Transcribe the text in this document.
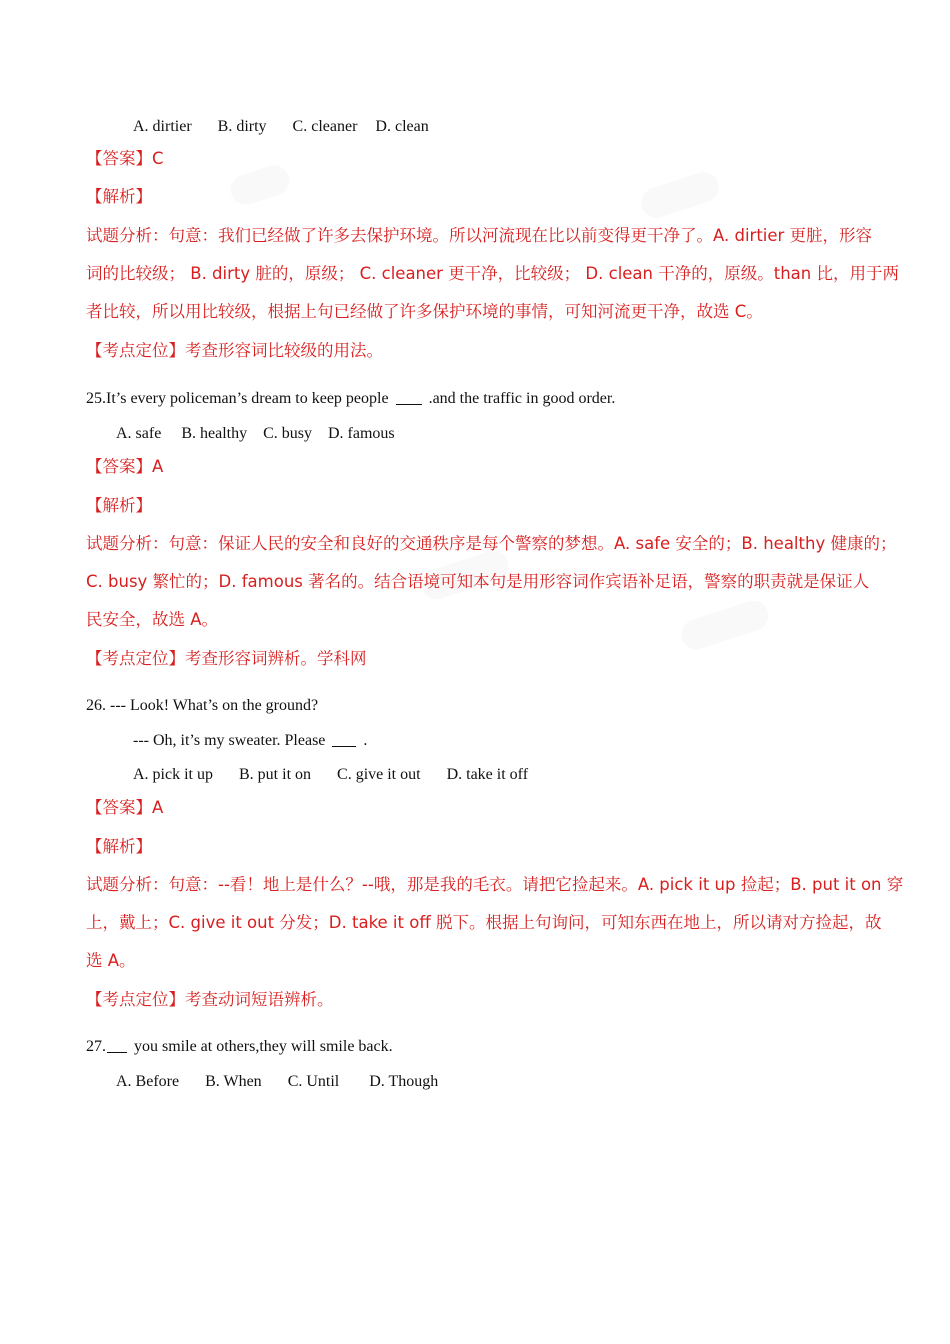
A. dirtier B. dirty C. cleaner D. clean
【答案】C
【解析】
试题分析：句意：我们已经做了许多去保护环境。所以河流现在比以前变得更干净了。A. dirtier 更脏，形容
词的比较级； B. dirty 脏的，原级； C. cleaner 更干净，比较级； D. clean 干净的，原级。than 比，用于两
者比较，所以用比较级，根据上句已经做了许多保护环境的事情，可知河流更干净，故选 C。
【考点定位】考查形容词比较级的用法。
25.It’s every policeman’s dream to keep people	.and the traffic in good order.
A. safe B. healthy C. busy D. famous
【答案】A
【解析】
试题分析：句意：保证人民的安全和良好的交通秩序是每个警察的梦想。A. safe 安全的；B. healthy 健康的；
C. busy 繁忙的；D. famous 著名的。结合语境可知本句是用形容词作宾语补足语，警察的职责就是保证人
民安全，故选 A。
【考点定位】考查形容词辨析。学科网
26. --- Look! What’s on the ground?
--- Oh, it’s my sweater. Please .
A. pick it up B. put it on C. give it out D. take it off
【答案】A
【解析】
试题分析：句意：--看！地上是什么？--哦，那是我的毛衣。请把它捡起来。A. pick it up 捡起；B. put it on 穿
上，戴上；C. give it out 分发；D. take it off 脱下。根据上句询问，可知东西在地上，所以请对方捡起，故
选 A。
【考点定位】考查动词短语辨析。
27. you smile at others,they will smile back.
A. Before B. When C. Until D. Though
